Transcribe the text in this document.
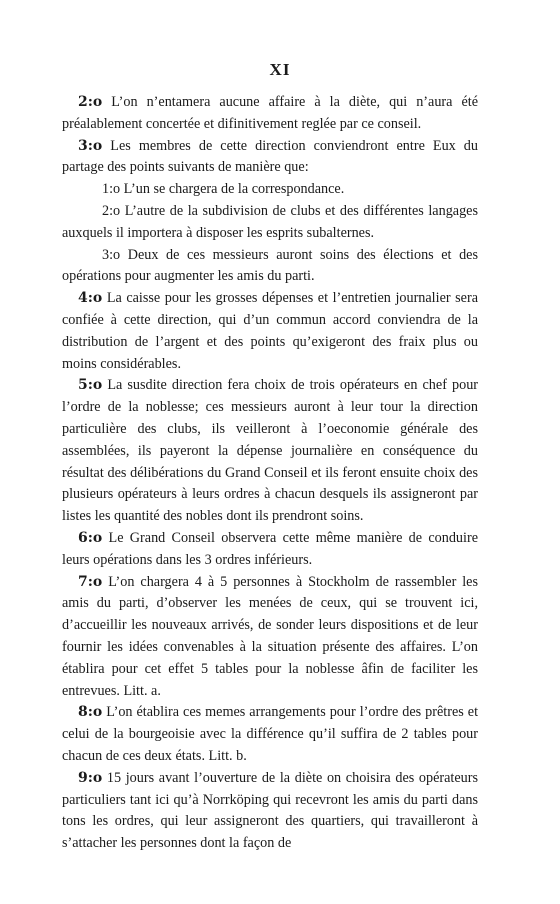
XI

2:o L’on n’entamera aucune affaire à la diète, qui n’aura été préalablement concertée et difinitivement reglée par ce conseil.

3:o Les membres de cette direction conviendront entre Eux du partage des points suivants de manière que:

1:o L’un se chargera de la correspondance.

2:o L’autre de la subdivision de clubs et des différentes langages auxquels il importera à disposer les esprits subalternes.

3:o Deux de ces messieurs auront soins des élections et des opérations pour augmenter les amis du parti.

4:o La caisse pour les grosses dépenses et l’entretien journalier sera confiée à cette direction, qui d’un commun accord conviendra de la distribution de l’argent et des points qu’exigeront des fraix plus ou moins considérables.

5:o La susdite direction fera choix de trois opérateurs en chef pour l’ordre de la noblesse; ces messieurs auront à leur tour la direction particulière des clubs, ils veilleront à l’oeconomie générale des assemblées, ils payeront la dépense journalière en conséquence du résultat des délibérations du Grand Conseil et ils feront ensuite choix des plusieurs opérateurs à leurs ordres à chacun desquels ils assigneront par listes les quantité des nobles dont ils prendront soins.

6:o Le Grand Conseil observera cette même manière de conduire leurs opérations dans les 3 ordres inférieurs.

7:o L’on chargera 4 à 5 personnes à Stockholm de rassembler les amis du parti, d’observer les menées de ceux, qui se trouvent ici, d’accueillir les nouveaux arrivés, de sonder leurs dispositions et de leur fournir les idées convenables à la situation présente des affaires. L’on établira pour cet effet 5 tables pour la noblesse âfin de faciliter les entrevues. Litt. a.

8:o L’on établira ces memes arrangements pour l’ordre des prêtres et celui de la bourgeoisie avec la différence qu’il suffira de 2 tables pour chacun de ces deux états. Litt. b.

9:o 15 jours avant l’ouverture de la diète on choisira des opérateurs particuliers tant ici qu’à Norrköping qui recevront les amis du parti dans tons les ordres, qui leur assigneront des quartiers, qui travailleront à s’attacher les personnes dont la façon de
